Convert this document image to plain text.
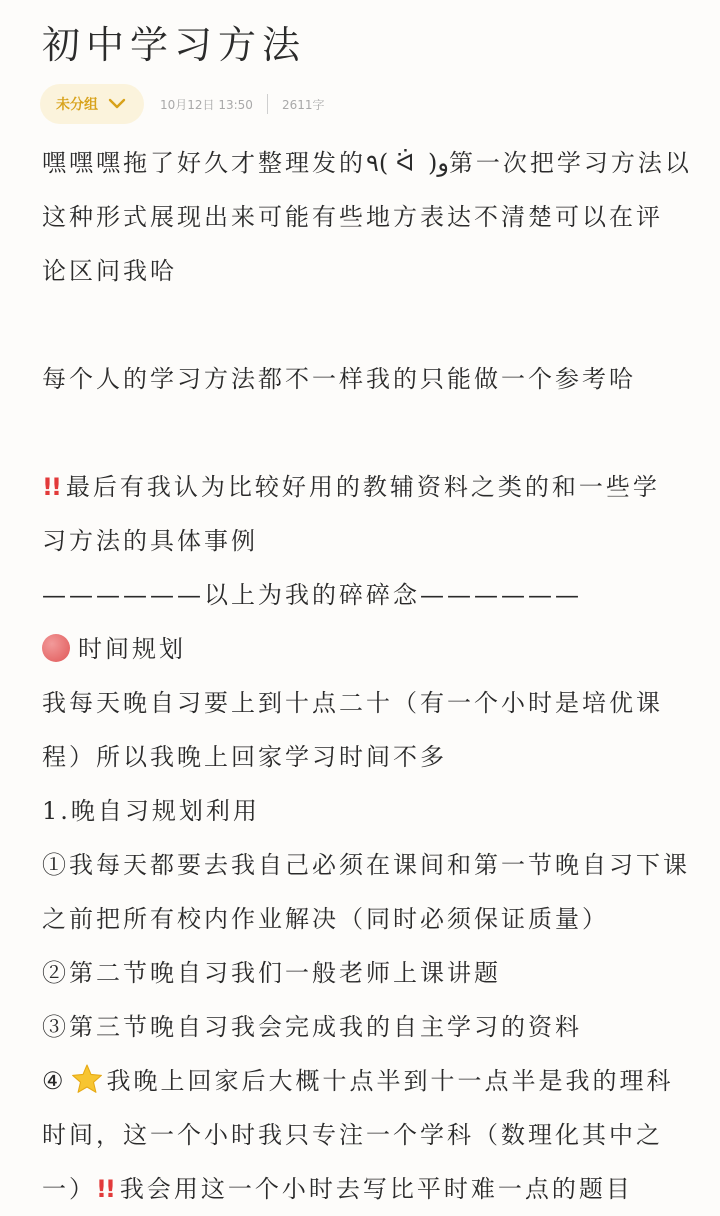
初中学习方法
未分组	10月12日 13:50 2611字
嘿嘿嘿拖了好久才整理发的٩( ᐛ )و第一次把学习方法以
这种形式展现出来可能有些地方表达不清楚可以在评
论区问我哈
每个人的学习方法都不一样我的只能做一个参考哈
!! 最后有我认为比较好用的教辅资料之类的和一些学
习方法的具体事例
——————以上为我的碎碎念——————
时间规划
我每天晚自习要上到十点二十（有一个小时是培优课
程）所以我晚上回家学习时间不多
1.晚自习规划利用
①我每天都要去我自己必须在课间和第一节晚自习下课
之前把所有校内作业解决（同时必须保证质量）
②第二节晚自习我们一般老师上课讲题
③第三节晚自习我会完成我的自主学习的资料
④ 我晚上回家后大概十点半到十一点半是我的理科
时间，这一个小时我只专注一个学科（数理化其中之
一）!! 我会用这一个小时去写比平时难一点的题目
